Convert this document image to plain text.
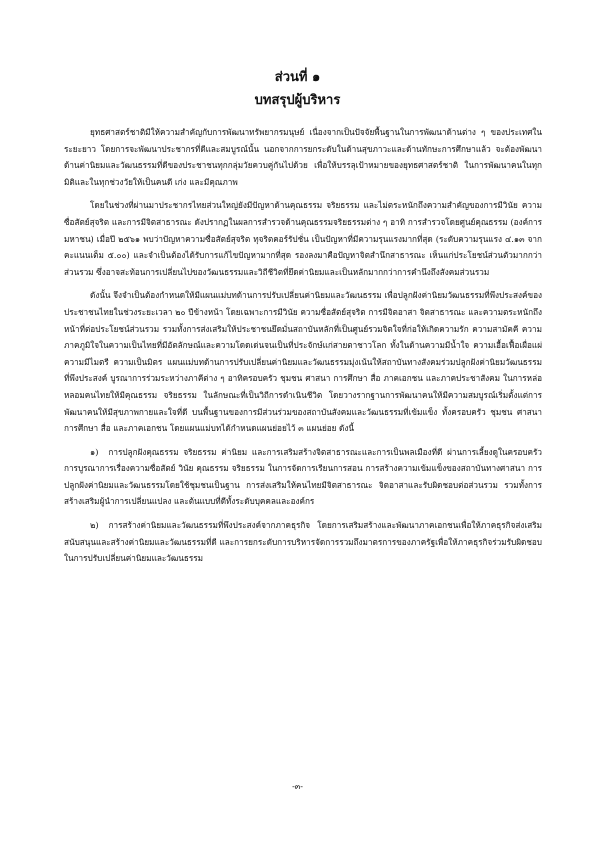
ส่วนที่ ๑
บทสรุปผู้บริหาร

ยุทธศาสตร์ชาติมีให้ความสำคัญกับการพัฒนาทรัพยากรมนุษย์ เนื่องจากเป็นปัจจัยพื้นฐานในการพัฒนาด้านต่าง ๆ ของประเทศในระยะยาว โดยการจะพัฒนาประชากรที่ดีและสมบูรณ์นั้น นอกจากการยกระดับในด้านสุขภาวะและด้านทักษะการศึกษาแล้ว จะต้องพัฒนาด้านค่านิยมและวัฒนธรรมที่ดีของประชาชนทุกกลุ่มวัยควบคู่กันไปด้วย เพื่อให้บรรลุเป้าหมายของยุทธศาสตร์ชาติ ในการพัฒนาคนในทุกมิติและในทุกช่วงวัยให้เป็นคนดี เก่ง และมีคุณภาพ

โดยในช่วงที่ผ่านมาประชากรไทยส่วนใหญ่ยังมีปัญหาด้านคุณธรรม จริยธรรม และไม่ตระหนักถึงความสำคัญของการมีวินัย ความซื่อสัตย์สุจริต และการมีจิตสาธารณะ ดังปรากฏในผลการสำรวจด้านคุณธรรมจริยธรรมต่าง ๆ อาทิ การสำรวจโดยศูนย์คุณธรรม (องค์การมหาชน) เมื่อปี ๒๕๖๑ พบว่าปัญหาความซื่อสัตย์สุจริต ทุจริตคอร์รัปชั่น เป็นปัญหาที่มีความรุนแรงมากที่สุด (ระดับความรุนแรง ๔.๑๓ จากคะแนนเต็ม ๕.๐๐) และจำเป็นต้องได้รับการแก้ไขปัญหามากที่สุด รองลงมาคือปัญหาจิตสำนึกสาธารณะ เห็นแก่ประโยชน์ส่วนตัวมากกว่าส่วนรวม ซึ่งอาจสะท้อนการเปลี่ยนไปของวัฒนธรรมและวิถีชีวิตที่ยึดค่านิยมและเป็นหลักมากกว่าการคำนึงถึงสังคมส่วนรวม

ดังนั้น จึงจำเป็นต้องกำหนดให้มีแผนแม่บทด้านการปรับเปลี่ยนค่านิยมและวัฒนธรรม เพื่อปลูกฝังค่านิยมวัฒนธรรมที่พึงประสงค์ของประชาชนไทยในช่วงระยะเวลา ๒๐ ปีข้างหน้า โดยเฉพาะการมีวินัย ความซื่อสัตย์สุจริต การมีจิตอาสา จิตสาธารณะ และความตระหนักถึงหน้าที่ต่อประโยชน์ส่วนรวม รวมทั้งการส่งเสริมให้ประชาชนยึดมั่นสถาบันหลักที่เป็นศูนย์รวมจิตใจที่ก่อให้เกิดความรัก ความสามัคคี ความภาคภูมิใจในความเป็นไทยที่มีอัตลักษณ์และความโดดเด่นจนเป็นที่ประจักษ์แก่สายตาชาวโลก ทั้งในด้านความมีน้ำใจ ความเอื้อเฟื้อเผื่อแผ่ ความมีไมตรี ความเป็นมิตร แผนแม่บทด้านการปรับเปลี่ยนค่านิยมและวัฒนธรรมมุ่งเน้นให้สถาบันทางสังคมร่วมปลูกฝังค่านิยมวัฒนธรรมที่พึงประสงค์ บูรณาการร่วมระหว่างภาคีต่าง ๆ อาทิครอบครัว ชุมชน ศาสนา การศึกษา สื่อ ภาคเอกชน และภาคประชาสังคม ในการหล่อหลอมคนไทยให้มีคุณธรรม จริยธรรม ในลักษณะที่เป็นวิถีการดำเนินชีวิต โดยวางรากฐานการพัฒนาคนให้มีความสมบูรณ์เริ่มตั้งแต่การพัฒนาคนให้มีสุขภาพกายและใจที่ดี บนพื้นฐานของการมีส่วนร่วมของสถาบันสังคมและวัฒนธรรมที่เข้มแข็ง ทั้งครอบครัว ชุมชน ศาสนา การศึกษา สื่อ และภาคเอกชน โดยแผนแม่บทได้กำหนดแผนย่อยไว้ ๓ แผนย่อย ดังนี้

๑) การปลูกฝังคุณธรรม จริยธรรม ค่านิยม และการเสริมสร้างจิตสาธารณะและการเป็นพลเมืองที่ดี ผ่านการเลี้ยงดูในครอบครัว การบูรณาการเรื่องความซื่อสัตย์ วินัย คุณธรรม จริยธรรม ในการจัดการเรียนการสอน การสร้างความเข้มแข็งของสถาบันทางศาสนา การปลูกฝังค่านิยมและวัฒนธรรมโดยใช้ชุมชนเป็นฐาน การส่งเสริมให้คนไทยมีจิตสาธารณะ จิตอาสาและรับผิดชอบต่อส่วนรวม รวมทั้งการสร้างเสริมผู้นำการเปลี่ยนแปลง และต้นแบบที่ดีทั้งระดับบุคคลและองค์กร

๒) การสร้างค่านิยมและวัฒนธรรมที่พึงประสงค์จากภาคธุรกิจ โดยการเสริมสร้างและพัฒนาภาคเอกชนเพื่อให้ภาคธุรกิจส่งเสริมสนับสนุนและสร้างค่านิยมและวัฒนธรรมที่ดี และการยกระดับการบริหารจัดการรวมถึงมาตรการของภาครัฐเพื่อให้ภาคธุรกิจร่วมรับผิดชอบในการปรับเปลี่ยนค่านิยมและวัฒนธรรม

-๓-
